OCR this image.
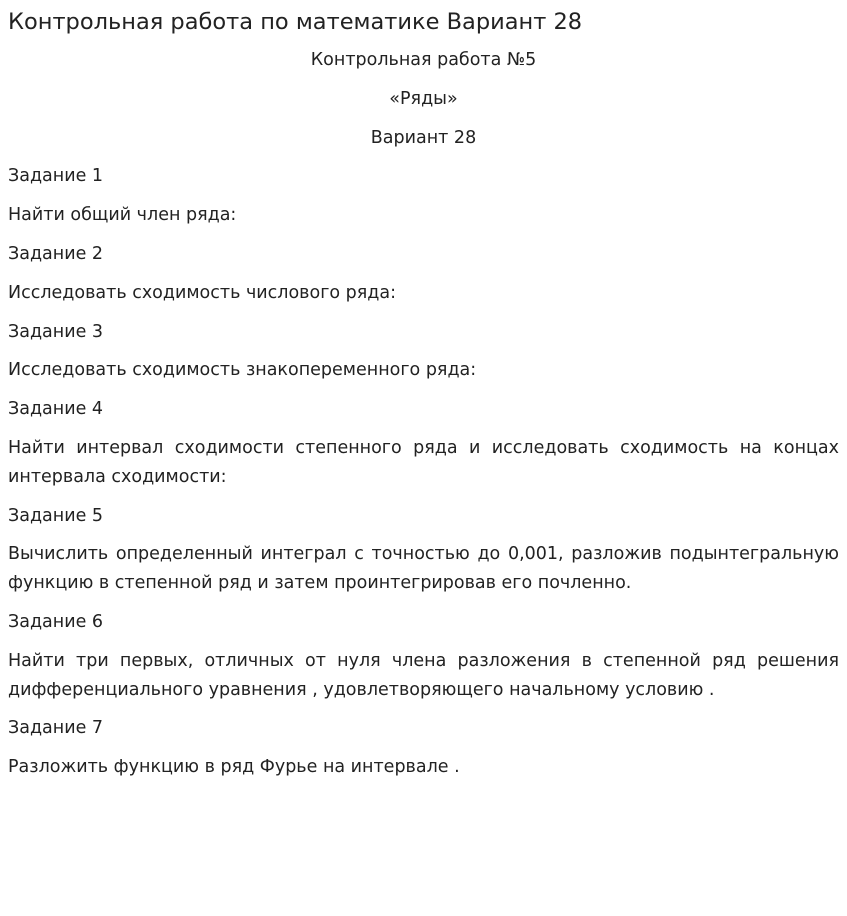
Контрольная работа по математике Вариант 28

Контрольная работа №5

«Ряды»

Вариант 28

Задание 1

Найти общий член ряда:

Задание 2

Исследовать сходимость числового ряда:

Задание 3

Исследовать сходимость знакопеременного ряда:

Задание 4

Найти интервал сходимости степенного ряда и исследовать сходимость на концах интервала сходимости:

Задание 5

Вычислить определенный интеграл с точностью до 0,001, разложив подынтегральную функцию в степенной ряд и затем проинтегрировав его почленно.

Задание 6

Найти три первых, отличных от нуля члена разложения в степенной ряд решения дифференциального уравнения , удовлетворяющего начальному условию .

Задание 7

Разложить функцию в ряд Фурье на интервале .
